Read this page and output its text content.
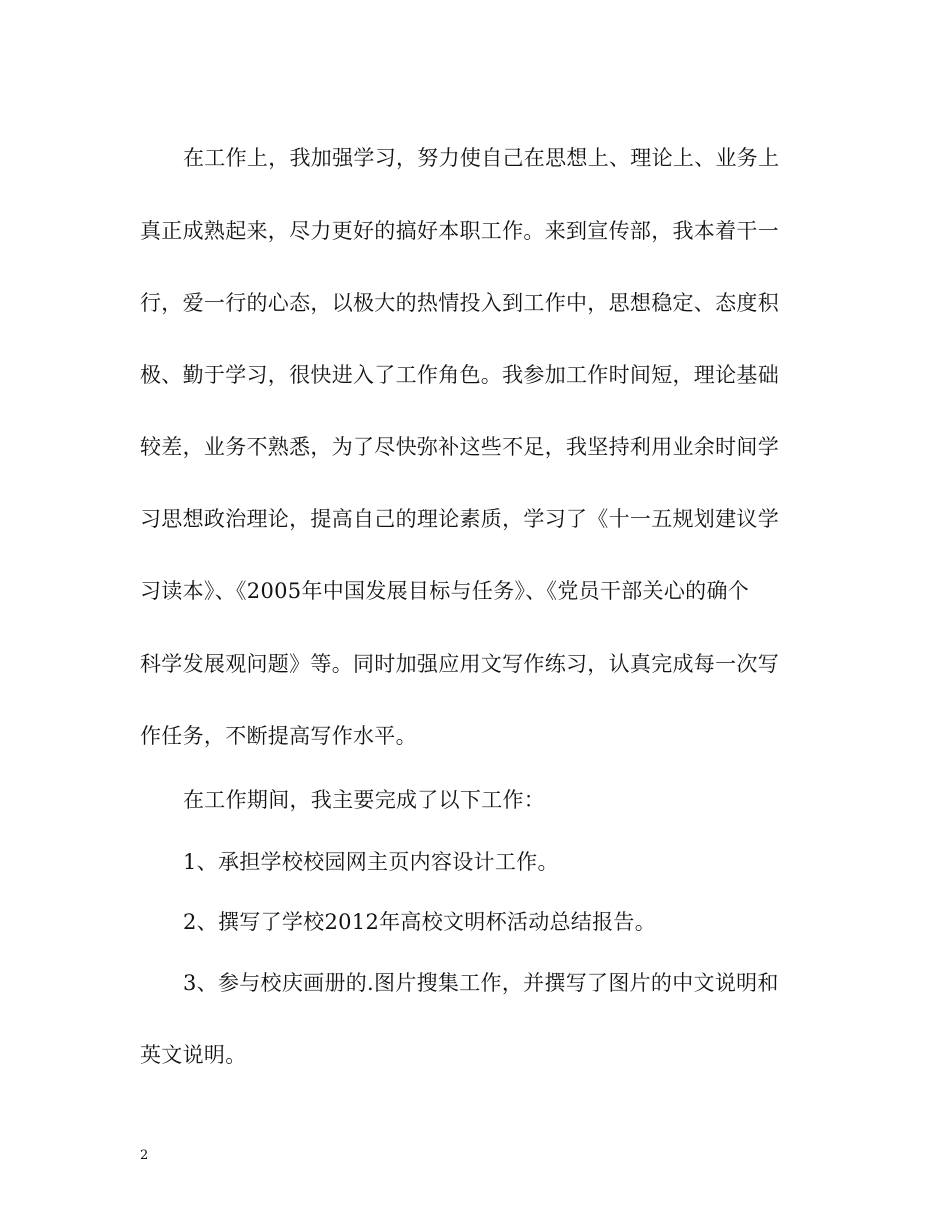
在工作上，我加强学习，努力使自己在思想上、理论上、业务上
真正成熟起来，尽力更好的搞好本职工作。来到宣传部，我本着干一
行，爱一行的心态，以极大的热情投入到工作中，思想稳定、态度积
极、勤于学习，很快进入了工作角色。我参加工作时间短，理论基础
较差，业务不熟悉，为了尽快弥补这些不足，我坚持利用业余时间学
习思想政治理论，提高自己的理论素质，学习了《十一五规划建议学
习读本》、《2005年中国发展目标与任务》、《党员干部关心的确个
科学发展观问题》等。同时加强应用文写作练习，认真完成每一次写
作任务，不断提高写作水平。
在工作期间，我主要完成了以下工作：
1、承担学校校园网主页内容设计工作。
2、撰写了学校2012年高校文明杯活动总结报告。
3、参与校庆画册的.图片搜集工作，并撰写了图片的中文说明和
英文说明。
2
